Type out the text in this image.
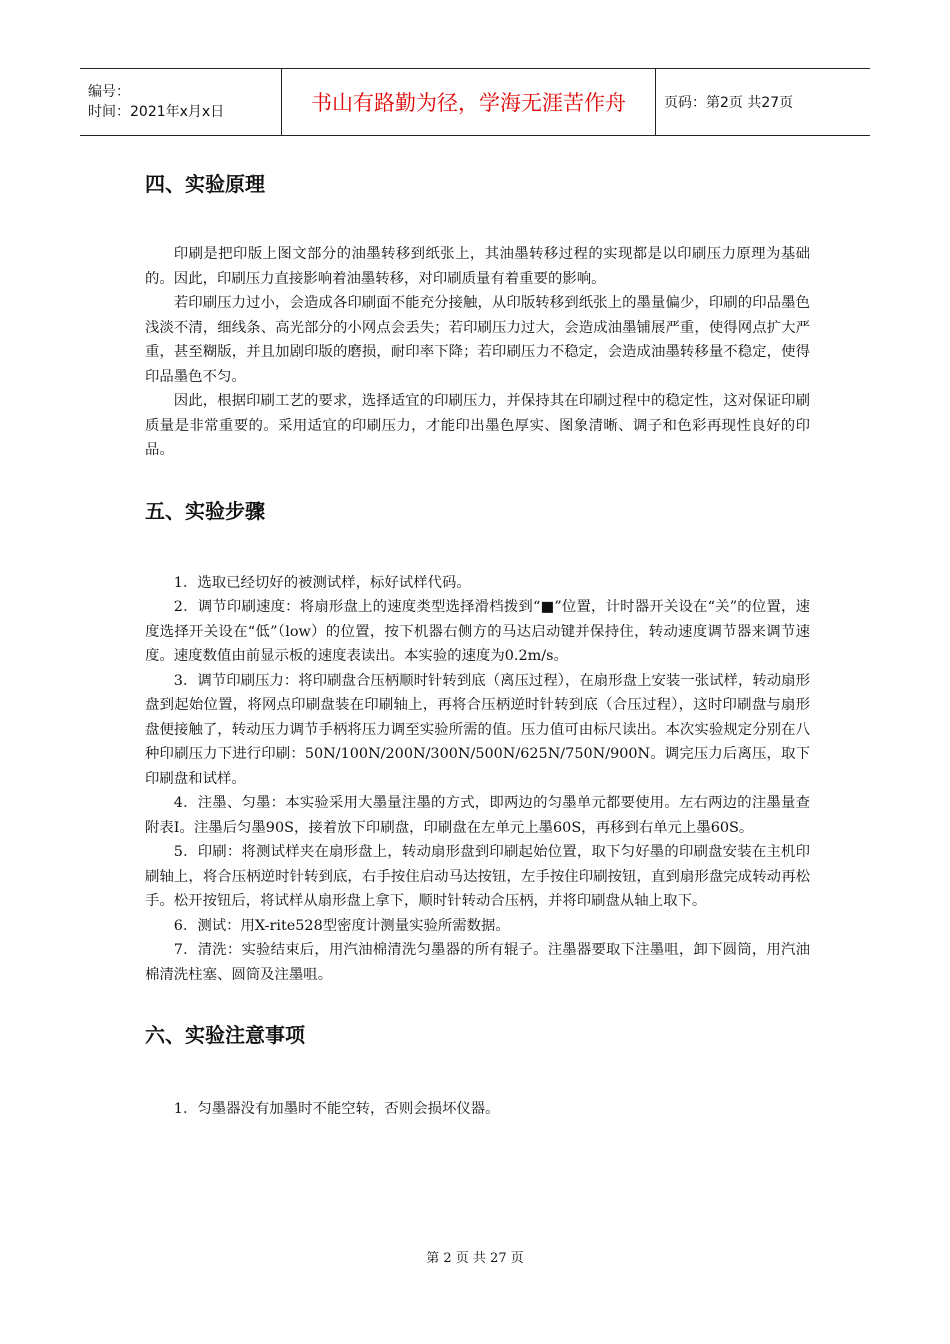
编号：
时间：2021年x月x日	书山有路勤为径，学海无涯苦作舟	页码：第2页 共27页
四、实验原理

印刷是把印版上图文部分的油墨转移到纸张上，其油墨转移过程的实现都是以印刷压力原理为基础的。因此，印刷压力直接影响着油墨转移，对印刷质量有着重要的影响。

若印刷压力过小，会造成各印刷面不能充分接触，从印版转移到纸张上的墨量偏少，印刷的印品墨色浅淡不清，细线条、高光部分的小网点会丢失；若印刷压力过大，会造成油墨铺展严重，使得网点扩大严重，甚至糊版，并且加剧印版的磨损，耐印率下降；若印刷压力不稳定，会造成油墨转移量不稳定，使得印品墨色不匀。

因此，根据印刷工艺的要求，选择适宜的印刷压力，并保持其在印刷过程中的稳定性，这对保证印刷质量是非常重要的。采用适宜的印刷压力，才能印出墨色厚实、图象清晰、调子和色彩再现性良好的印品。

五、实验步骤

1．选取已经切好的被测试样，标好试样代码。

2．调节印刷速度：将扇形盘上的速度类型选择滑档拨到“■”位置，计时器开关设在“关”的位置，速度选择开关设在“低”（low）的位置，按下机器右侧方的马达启动键并保持住，转动速度调节器来调节速度。速度数值由前显示板的速度表读出。本实验的速度为0.2m/s。

3．调节印刷压力：将印刷盘合压柄顺时针转到底（离压过程），在扇形盘上安装一张试样，转动扇形盘到起始位置，将网点印刷盘装在印刷轴上，再将合压柄逆时针转到底（合压过程），这时印刷盘与扇形盘便接触了，转动压力调节手柄将压力调至实验所需的值。压力值可由标尺读出。本次实验规定分别在八种印刷压力下进行印刷：50N/100N/200N/300N/500N/625N/750N/900N。调完压力后离压，取下印刷盘和试样。

4．注墨、匀墨：本实验采用大墨量注墨的方式，即两边的匀墨单元都要使用。左右两边的注墨量查附表Ⅰ。注墨后匀墨90S，接着放下印刷盘，印刷盘在左单元上墨60S，再移到右单元上墨60S。

5．印刷：将测试样夹在扇形盘上，转动扇形盘到印刷起始位置，取下匀好墨的印刷盘安装在主机印刷轴上，将合压柄逆时针转到底，右手按住启动马达按钮，左手按住印刷按钮，直到扇形盘完成转动再松手。松开按钮后，将试样从扇形盘上拿下，顺时针转动合压柄，并将印刷盘从轴上取下。

6．测试：用X-rite528型密度计测量实验所需数据。

7．清洗：实验结束后，用汽油棉清洗匀墨器的所有辊子。注墨器要取下注墨咀，卸下圆筒，用汽油棉清洗柱塞、圆筒及注墨咀。

六、实验注意事项

1．匀墨器没有加墨时不能空转，否则会损坏仪器。

第 2 页 共 27 页
